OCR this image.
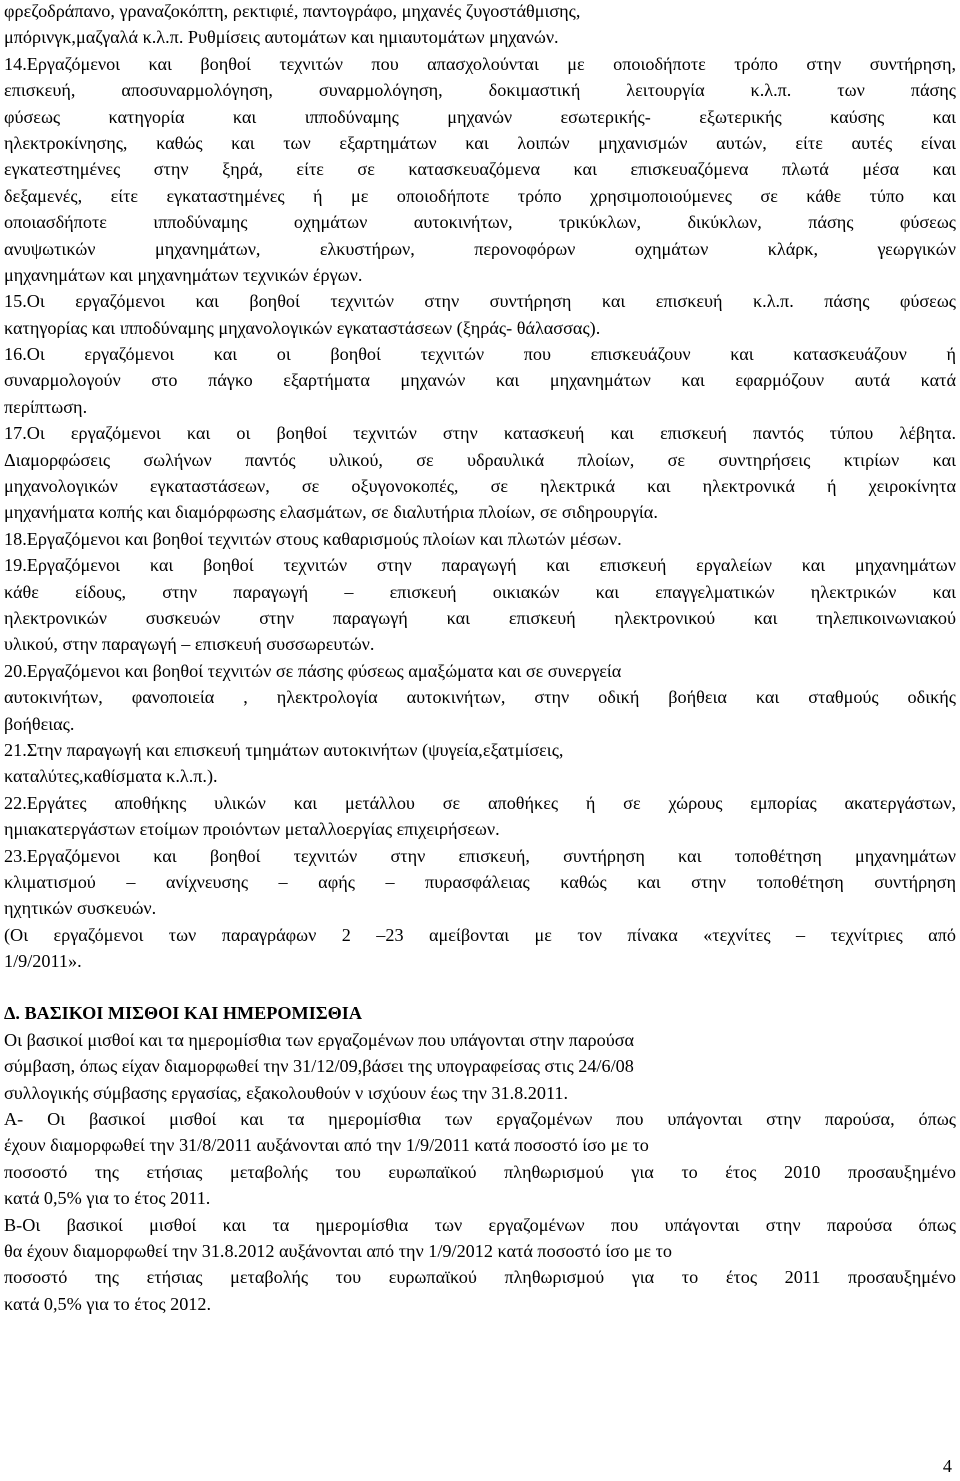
φρεζοδράπανο, γραναζοκόπτη, ρεκτιφιέ, παντογράφο, μηχανές ζυγοστάθμισης,
μπόρινγκ,μαζγαλά κ.λ.π. Ρυθμίσεις αυτομάτων και ημιαυτομάτων μηχανών.
14.Εργαζόμενοι και βοηθοί τεχνιτών που απασχολούνται με οποιοδήποτε τρόπο στην συντήρηση,
επισκευή, αποσυναρμολόγηση, συναρμολόγηση, δοκιμαστική λειτουργία κ.λ.π. των πάσης
φύσεως κατηγορία και ιπποδύναμης μηχανών εσωτερικής- εξωτερικής καύσης και
ηλεκτροκίνησης, καθώς και των εξαρτημάτων και λοιπών μηχανισμών αυτών, είτε αυτές είναι
εγκατεστημένες στην ξηρά, είτε σε κατασκευαζόμενα και επισκευαζόμενα πλωτά μέσα και
δεξαμενές, είτε εγκαταστημένες ή με οποιοδήποτε τρόπο χρησιμοποιούμενες σε κάθε τύπο και
οποιασδήποτε ιπποδύναμης οχημάτων αυτοκινήτων, τρικύκλων, δικύκλων, πάσης φύσεως
ανυψωτικών μηχανημάτων, ελκυστήρων, περονοφόρων οχημάτων κλάρκ, γεωργικών
μηχανημάτων και μηχανημάτων τεχνικών έργων.
15.Οι εργαζόμενοι και βοηθοί τεχνιτών στην συντήρηση και επισκευή κ.λ.π. πάσης φύσεως
κατηγορίας και ιπποδύναμης μηχανολογικών εγκαταστάσεων (ξηράς- θάλασσας).
16.Οι εργαζόμενοι και οι βοηθοί τεχνιτών που επισκευάζουν και κατασκευάζουν ή
συναρμολογούν στο πάγκο εξαρτήματα μηχανών και μηχανημάτων και εφαρμόζουν αυτά κατά
περίπτωση.
17.Οι εργαζόμενοι και οι βοηθοί τεχνιτών στην κατασκευή και επισκευή παντός τύπου λέβητα.
Διαμορφώσεις σωλήνων παντός υλικού, σε υδραυλικά πλοίων, σε συντηρήσεις κτιρίων και
μηχανολογικών εγκαταστάσεων, σε οξυγονοκοπές, σε ηλεκτρικά και ηλεκτρονικά ή χειροκίνητα
μηχανήματα κοπής και διαμόρφωσης ελασμάτων, σε διαλυτήρια πλοίων, σε σιδηρουργία.
18.Εργαζόμενοι και βοηθοί τεχνιτών στους καθαρισμούς πλοίων και πλωτών μέσων.
19.Εργαζόμενοι και βοηθοί τεχνιτών στην παραγωγή και επισκευή εργαλείων και μηχανημάτων
κάθε είδους, στην παραγωγή – επισκευή οικιακών και επαγγελματικών ηλεκτρικών και
ηλεκτρονικών συσκευών στην παραγωγή και επισκευή ηλεκτρονικού και τηλεπικοινωνιακού
υλικού, στην παραγωγή – επισκευή συσσωρευτών.
20.Εργαζόμενοι και βοηθοί τεχνιτών σε πάσης φύσεως αμαξώματα και σε συνεργεία
αυτοκινήτων, φανοποιεία , ηλεκτρολογία αυτοκινήτων, στην οδική βοήθεια και σταθμούς οδικής
βοήθειας.
21.Στην παραγωγή και επισκευή τμημάτων αυτοκινήτων (ψυγεία,εξατμίσεις,
καταλύτες,καθίσματα κ.λ.π.).
22.Εργάτες αποθήκης υλικών και μετάλλου σε αποθήκες ή σε χώρους εμπορίας ακατεργάστων,
ημιακατεργάστων ετοίμων προιόντων μεταλλοεργίας επιχειρήσεων.
23.Εργαζόμενοι και βοηθοί τεχνιτών στην επισκευή, συντήρηση και τοποθέτηση μηχανημάτων
κλιματισμού – ανίχνευσης – αφής – πυρασφάλειας καθώς και στην τοποθέτηση συντήρηση
ηχητικών συσκευών.
(Οι εργαζόμενοι των παραγράφων 2 –23 αμείβονται με τον πίνακα «τεχνίτες – τεχνίτριες από
1/9/2011».
Δ. ΒΑΣΙΚΟΙ ΜΙΣΘΟΙ ΚΑΙ ΗΜΕΡΟΜΙΣΘΙΑ
Οι βασικοί μισθοί και τα ημερομίσθια των εργαζομένων που υπάγονται στην παρούσα
σύμβαση, όπως είχαν διαμορφωθεί την 31/12/09,βάσει της υπογραφείσας στις 24/6/08
συλλογικής σύμβασης εργασίας, εξακολουθούν ν ισχύουν έως την 31.8.2011.
Α- Οι βασικοί μισθοί και τα ημερομίσθια των εργαζομένων που υπάγονται στην παρούσα, όπως
έχουν διαμορφωθεί την 31/8/2011 αυξάνονται από την 1/9/2011 κατά ποσοστό ίσο με το
ποσοστό της ετήσιας μεταβολής του ευρωπαϊκού πληθωρισμού για το έτος 2010 προσαυξημένο
κατά 0,5% για το έτος 2011.
Β-Οι βασικοί μισθοί και τα ημερομίσθια των εργαζομένων που υπάγονται στην παρούσα όπως
θα έχουν διαμορφωθεί την 31.8.2012 αυξάνονται από την 1/9/2012 κατά ποσοστό ίσο με το
ποσοστό της ετήσιας μεταβολής του ευρωπαϊκού πληθωρισμού για το έτος 2011 προσαυξημένο
κατά 0,5% για το έτος 2012.
4
